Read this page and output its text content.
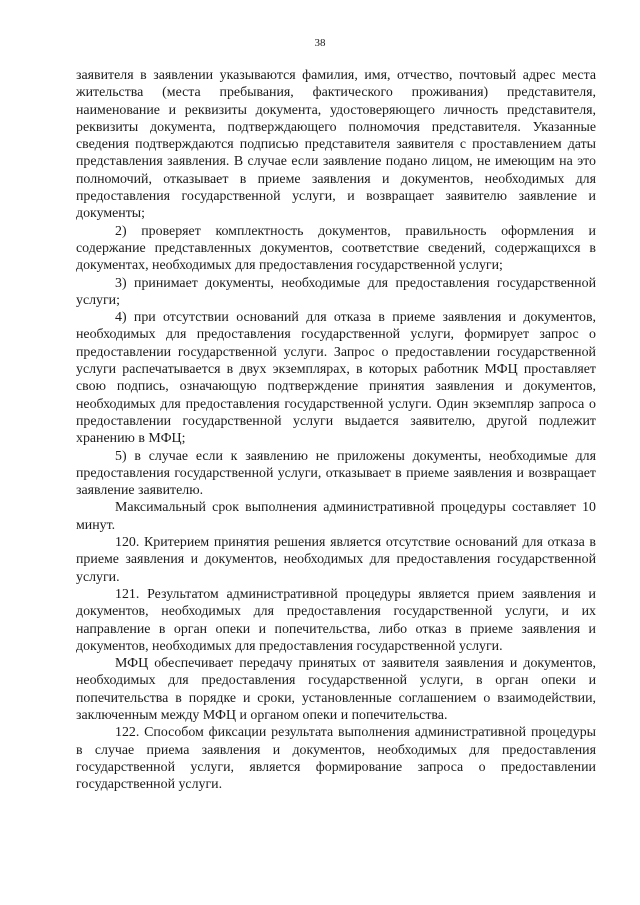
38

заявителя в заявлении указываются фамилия, имя, отчество, почтовый адрес места жительства (места пребывания, фактического проживания) представителя, наименование и реквизиты документа, удостоверяющего личность представителя, реквизиты документа, подтверждающего полномочия представителя. Указанные сведения подтверждаются подписью представителя заявителя с проставлением даты представления заявления. В случае если заявление подано лицом, не имеющим на это полномочий, отказывает в приеме заявления и документов, необходимых для предоставления государственной услуги, и возвращает заявителю заявление и документы;

2) проверяет комплектность документов, правильность оформления и содержание представленных документов, соответствие сведений, содержащихся в документах, необходимых для предоставления государственной услуги;

3) принимает документы, необходимые для предоставления государственной услуги;

4) при отсутствии оснований для отказа в приеме заявления и документов, необходимых для предоставления государственной услуги, формирует запрос о предоставлении государственной услуги. Запрос о предоставлении государственной услуги распечатывается в двух экземплярах, в которых работник МФЦ проставляет свою подпись, означающую подтверждение принятия заявления и документов, необходимых для предоставления государственной услуги. Один экземпляр запроса о предоставлении государственной услуги выдается заявителю, другой подлежит хранению в МФЦ;

5) в случае если к заявлению не приложены документы, необходимые для предоставления государственной услуги, отказывает в приеме заявления и возвращает заявление заявителю.

Максимальный срок выполнения административной процедуры составляет 10 минут.

120. Критерием принятия решения является отсутствие оснований для отказа в приеме заявления и документов, необходимых для предоставления государственной услуги.

121. Результатом административной процедуры является прием заявления и документов, необходимых для предоставления государственной услуги, и их направление в орган опеки и попечительства, либо отказ в приеме заявления и документов, необходимых для предоставления государственной услуги.

МФЦ обеспечивает передачу принятых от заявителя заявления и документов, необходимых для предоставления государственной услуги, в орган опеки и попечительства в порядке и сроки, установленные соглашением о взаимодействии, заключенным между МФЦ и органом опеки и попечительства.

122. Способом фиксации результата выполнения административной процедуры в случае приема заявления и документов, необходимых для предоставления государственной услуги, является формирование запроса о предоставлении государственной услуги.
